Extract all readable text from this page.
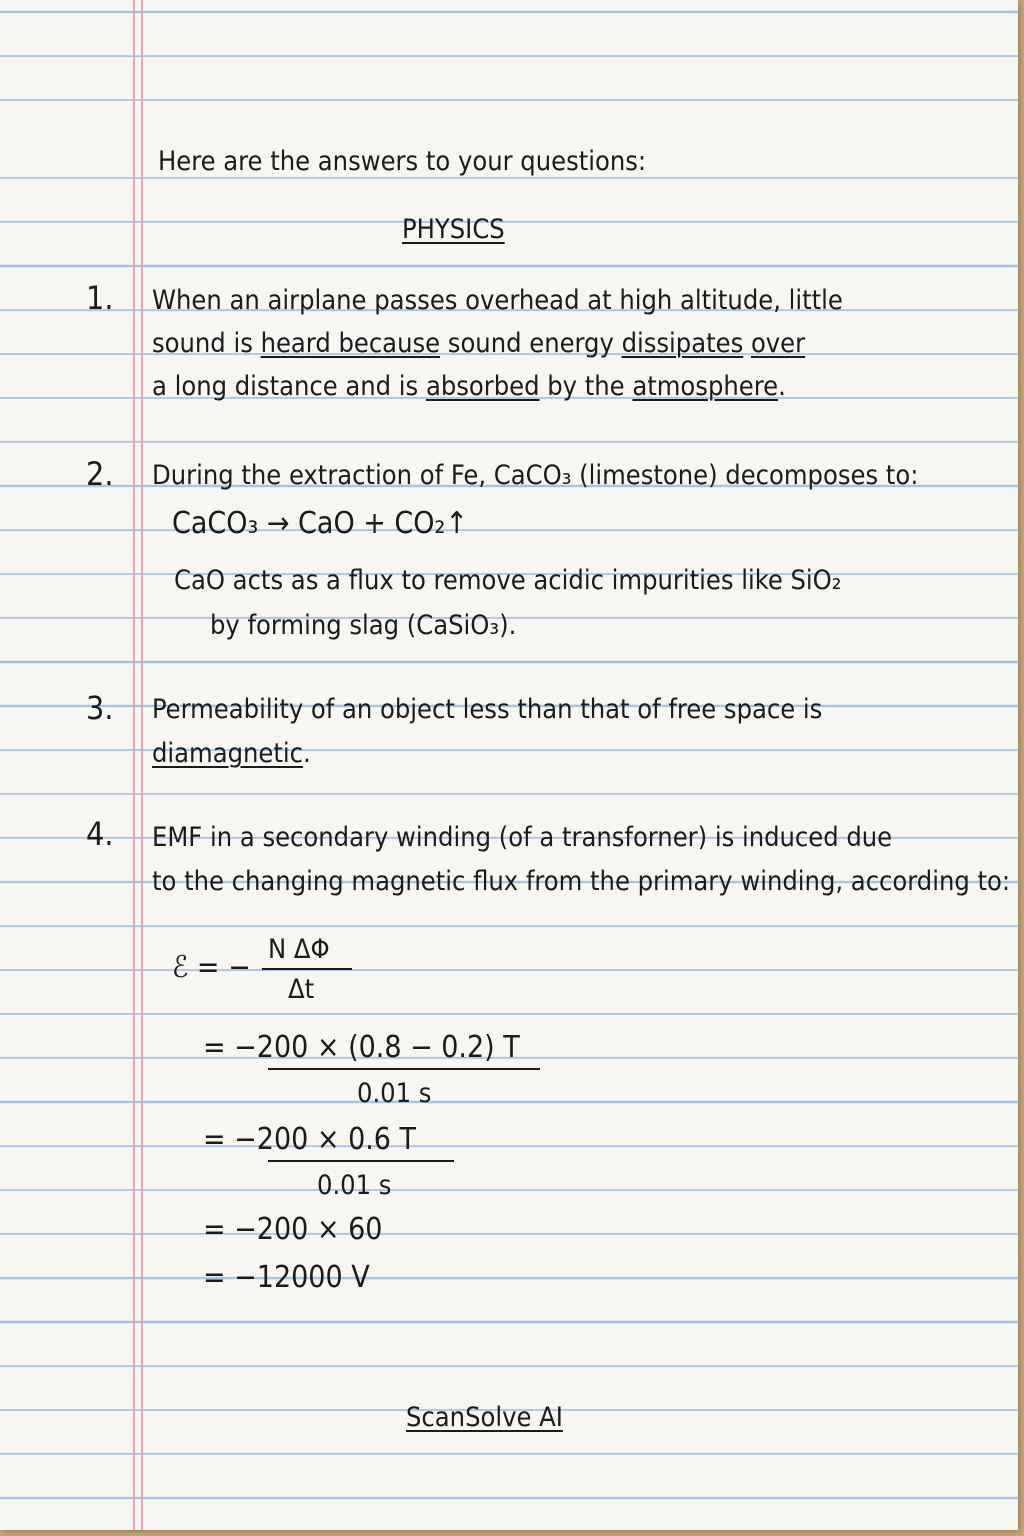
Here are the answers to your questions:

PHYSICS

1. When an airplane passes overhead at high altitude, little

sound is heard because sound energy dissipates over

a long distance and is absorbed by the atmosphere.

2. During the extraction of Fe, CaCO₃ (limestone) decomposes to:

CaCO₃ → CaO + CO₂↑

CaO acts as a flux to remove acidic impurities like SiO₂

by forming slag (CaSiO₃).

3. Permeability of an object less than that of free space is

diamagnetic.

4. EMF in a secondary winding (of a transforner) is induced due

to the changing magnetic flux from the primary winding, according to:

ℰ = −

N ΔΦ

Δt

= −200 × (0.8 − 0.2) T

0.01 s

= −200 × 0.6 T

0.01 s

= −200 × 60

= −12000 V

ScanSolve AI
